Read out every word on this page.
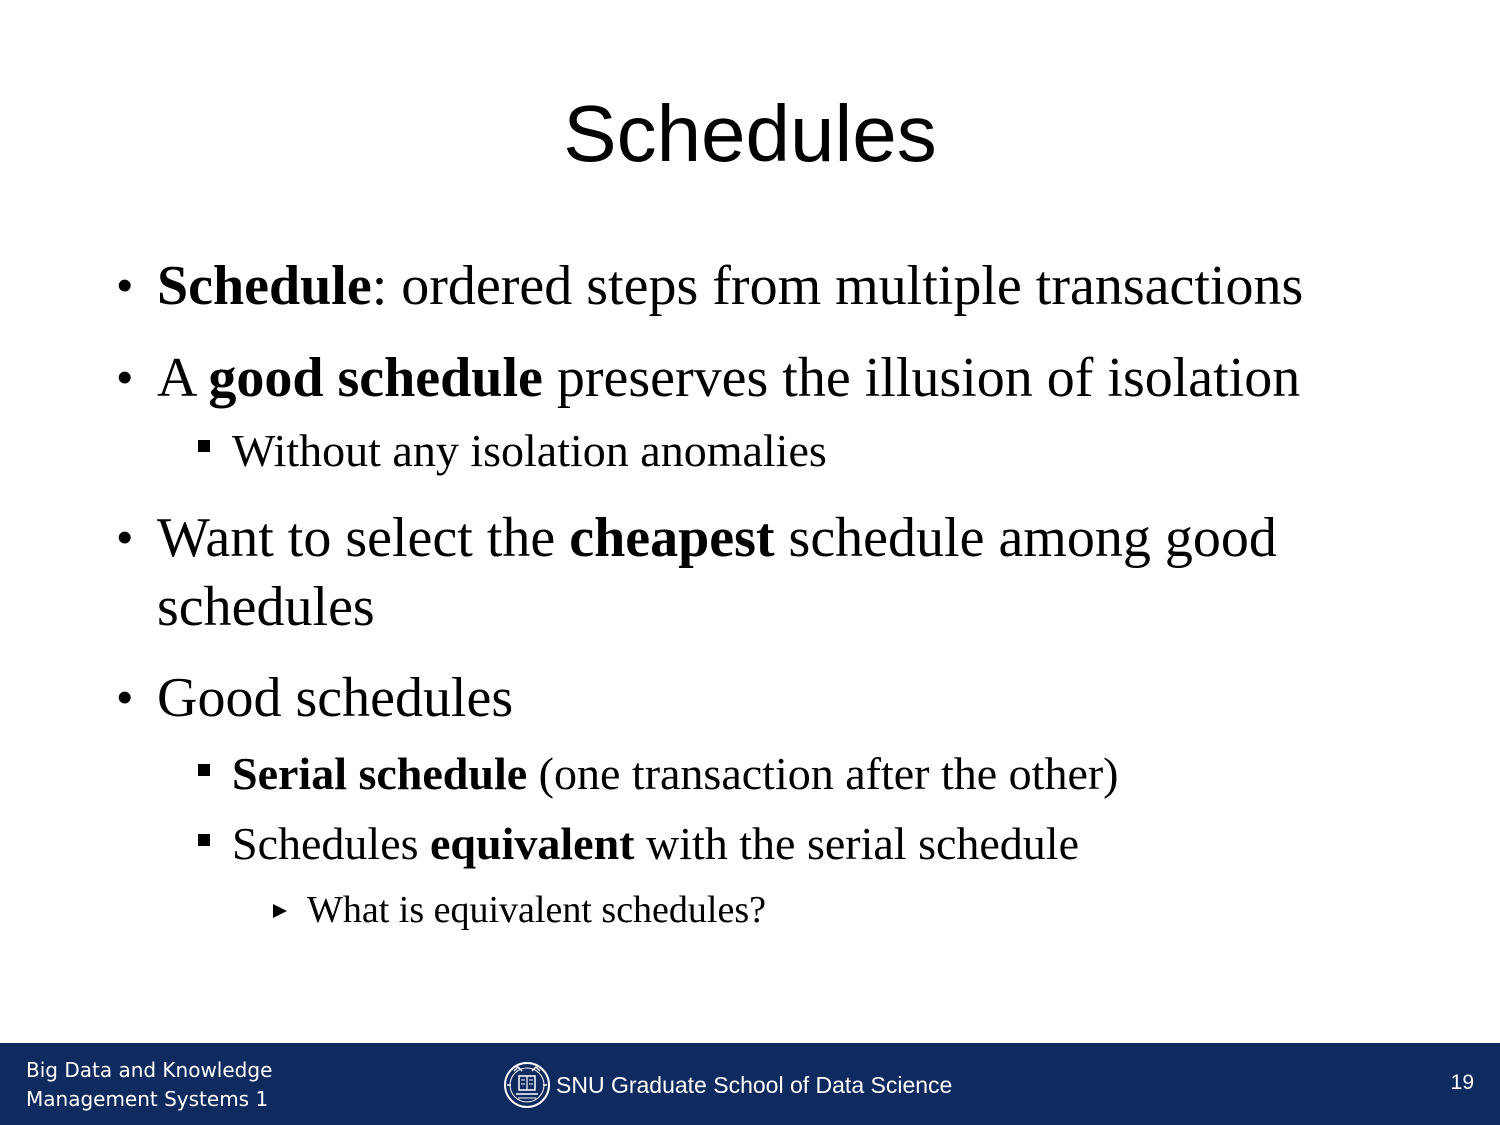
Schedules
• Schedule: ordered steps from multiple transactions
• A good schedule preserves the illusion of isolation
Without any isolation anomalies
• Want to select the cheapest schedule among good
schedules
• Good schedules
Serial schedule (one transaction after the other)
Schedules equivalent with the serial schedule
What is equivalent schedules?
Big Data and Knowledge
Management Systems 1
SNU Graduate School of Data Science	19
